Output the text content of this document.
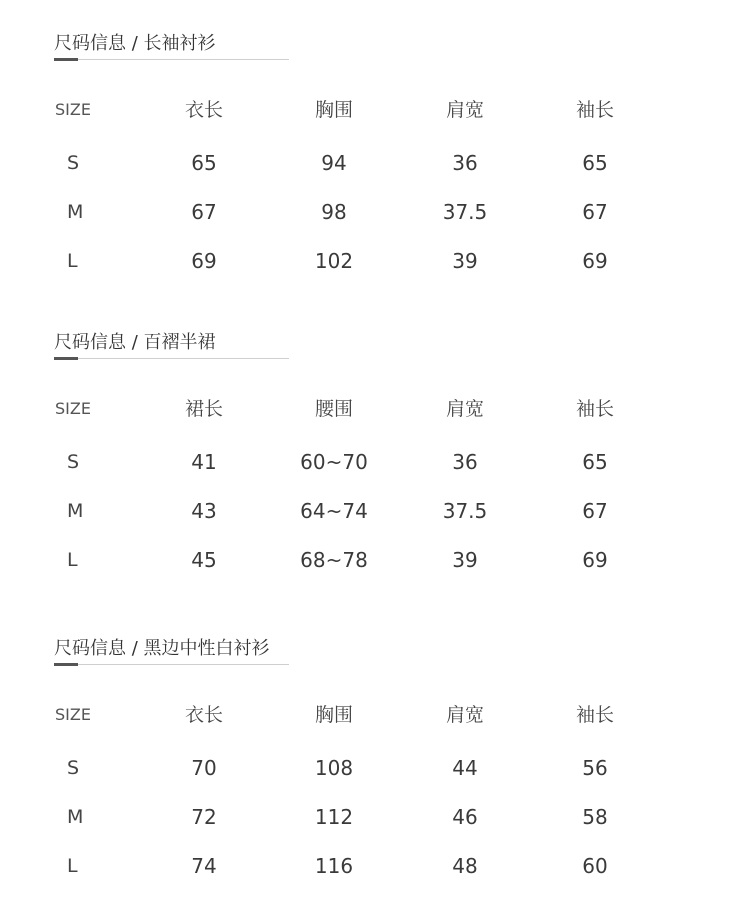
尺码信息 / 长袖衬衫
SIZE	衣长	胸围	肩宽	袖长
S	65	94	36	65
M	67	98	37.5	67
L	69	102	39	69
尺码信息 / 百褶半裙
SIZE	裙长	腰围	肩宽	袖长
S	41	60~70	36	65
M	43	64~74	37.5	67
L	45	68~78	39	69
尺码信息 / 黑边中性白衬衫
SIZE	衣长	胸围	肩宽	袖长
S	70	108	44	56
M	72	112	46	58
L	74	116	48	60
